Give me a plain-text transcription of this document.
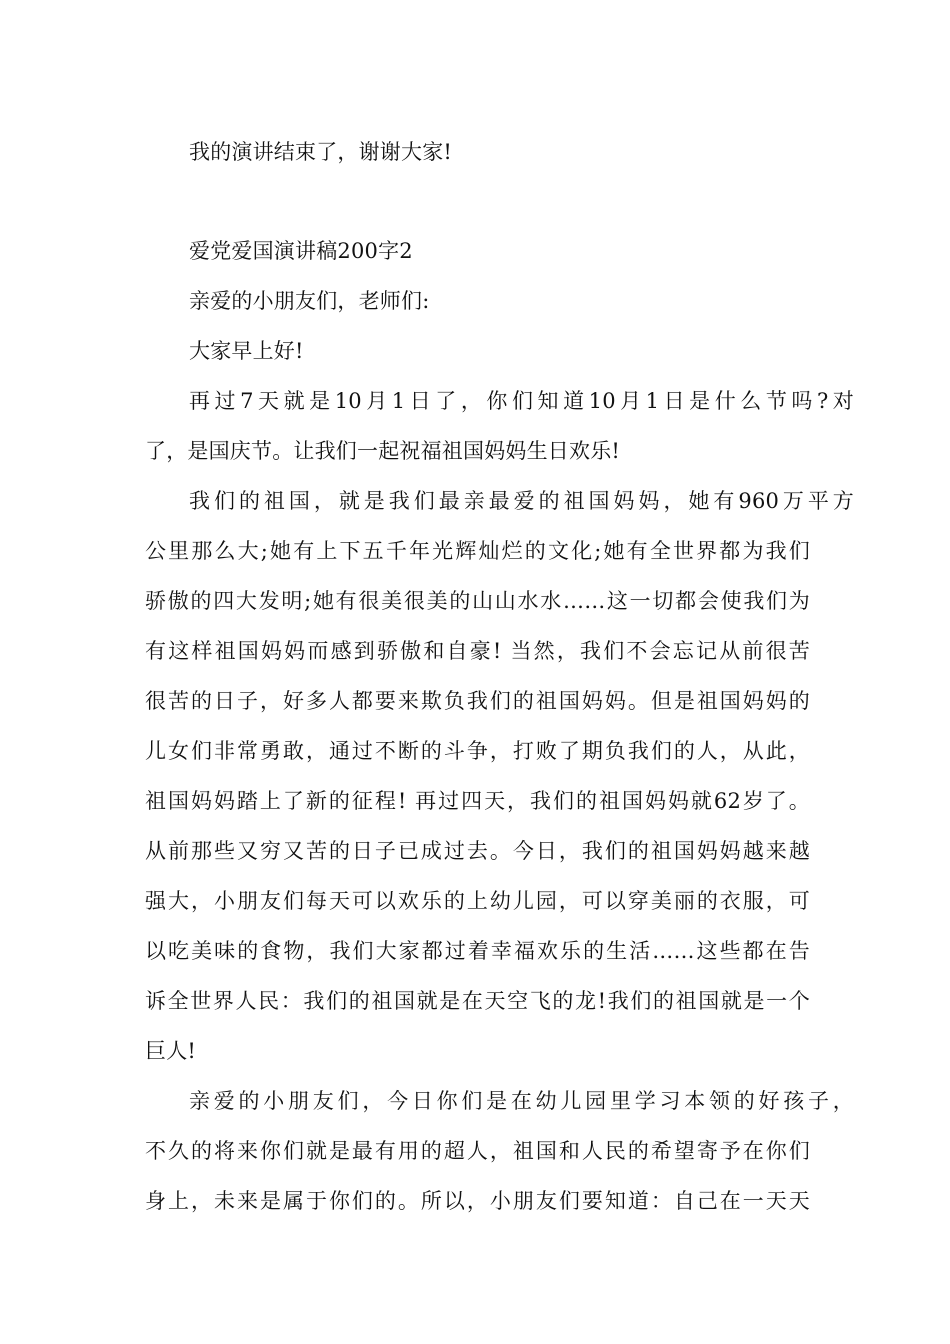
我的演讲结束了，谢谢大家!
爱党爱国演讲稿200字2
亲爱的小朋友们，老师们:
大家早上好!
再过7天就是10月1日了，你们知道10月1日是什么节吗?对
了，是国庆节。让我们一起祝福祖国妈妈生日欢乐!
我们的祖国，就是我们最亲最爱的祖国妈妈，她有960万平方
公里那么大;她有上下五千年光辉灿烂的文化;她有全世界都为我们
骄傲的四大发明;她有很美很美的山山水水……这一切都会使我们为
有这样祖国妈妈而感到骄傲和自豪! 当然，我们不会忘记从前很苦
很苦的日子，好多人都要来欺负我们的祖国妈妈。但是祖国妈妈的
儿女们非常勇敢，通过不断的斗争，打败了期负我们的人，从此，
祖国妈妈踏上了新的征程! 再过四天，我们的祖国妈妈就62岁了。
从前那些又穷又苦的日子已成过去。今日，我们的祖国妈妈越来越
强大，小朋友们每天可以欢乐的上幼儿园，可以穿美丽的衣服，可
以吃美味的食物，我们大家都过着幸福欢乐的生活……这些都在告
诉全世界人民：我们的祖国就是在天空飞的龙!我们的祖国就是一个
巨人!
亲爱的小朋友们，今日你们是在幼儿园里学习本领的好孩子，
不久的将来你们就是最有用的超人，祖国和人民的希望寄予在你们
身上，未来是属于你们的。所以，小朋友们要知道：自己在一天天
